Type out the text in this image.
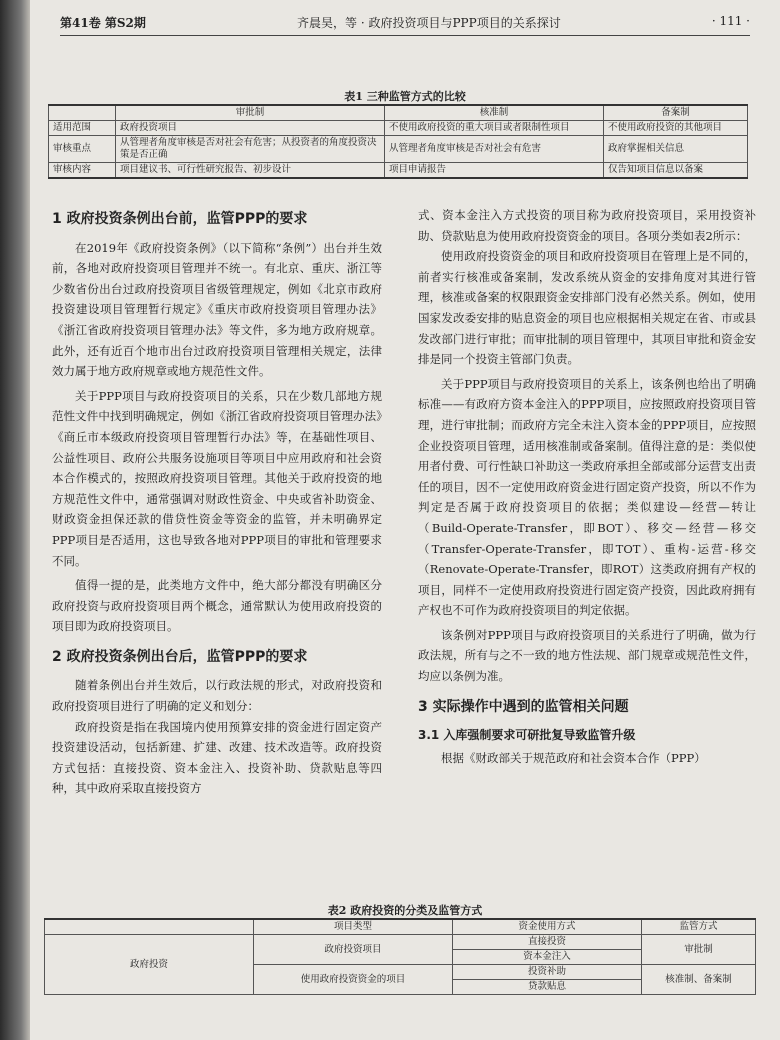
第41卷 第S2期	齐晨昊，等 · 政府投资项目与PPP项目的关系探讨	· 111 ·
表1 三种监管方式的比较
	审批制	核准制	备案制
适用范围	政府投资项目	不使用政府投资的重大项目或者限制性项目	不使用政府投资的其他项目
审核重点	从管理者角度审核是否对社会有危害；从投资者的角度投资决策是否正确	从管理者角度审核是否对社会有危害	政府掌握相关信息
审核内容	项目建议书、可行性研究报告、初步设计	项目申请报告	仅告知项目信息以备案
1 政府投资条例出台前，监管PPP的要求

在2019年《政府投资条例》（以下简称“条例”）出台并生效前，各地对政府投资项目管理并不统一。有北京、重庆、浙江等少数省份出台过政府投资项目省级管理规定，例如《北京市政府投资建设项目管理暂行规定》《重庆市政府投资项目管理办法》《浙江省政府投资项目管理办法》等文件，多为地方政府规章。此外，还有近百个地市出台过政府投资项目管理相关规定，法律效力属于地方政府规章或地方规范性文件。

关于PPP项目与政府投资项目的关系，只在少数几部地方规范性文件中找到明确规定，例如《浙江省政府投资项目管理办法》《商丘市本级政府投资项目管理暂行办法》等，在基础性项目、公益性项目、政府公共服务设施项目等项目中应用政府和社会资本合作模式的，按照政府投资项目管理。其他关于政府投资的地方规范性文件中，通常强调对财政性资金、中央或省补助资金、财政资金担保还款的借贷性资金等资金的监管，并未明确界定PPP项目是否适用，这也导致各地对PPP项目的审批和管理要求不同。

值得一提的是，此类地方文件中，绝大部分都没有明确区分政府投资与政府投资项目两个概念，通常默认为使用政府投资的项目即为政府投资项目。

2 政府投资条例出台后，监管PPP的要求

随着条例出台并生效后，以行政法规的形式，对政府投资和政府投资项目进行了明确的定义和划分：

政府投资是指在我国境内使用预算安排的资金进行固定资产投资建设活动，包括新建、扩建、改建、技术改造等。政府投资方式包括：直接投资、资本金注入、投资补助、贷款贴息等四种，其中政府采取直接投资方

式、资本金注入方式投资的项目称为政府投资项目，采用投资补助、贷款贴息为使用政府投资资金的项目。各项分类如表2所示：

使用政府投资资金的项目和政府投资项目在管理上是不同的，前者实行核准或备案制，发改系统从资金的安排角度对其进行管理，核准或备案的权限跟资金安排部门没有必然关系。例如，使用国家发改委安排的贴息资金的项目也应根据相关规定在省、市或县发改部门进行审批；而审批制的项目管理中，其项目审批和资金安排是同一个投资主管部门负责。

关于PPP项目与政府投资项目的关系上，该条例也给出了明确标准——有政府方资本金注入的PPP项目，应按照政府投资项目管理，进行审批制；而政府方完全未注入资本金的PPP项目，应按照企业投资项目管理，适用核准制或备案制。值得注意的是：类似使用者付费、可行性缺口补助这一类政府承担全部或部分运营支出责任的项目，因不一定使用政府资金进行固定资产投资，所以不作为判定是否属于政府投资项目的依据；类似建设—经营—转让（Build-Operate-Transfer，即BOT）、移交—经营—移交（Transfer-Operate-Transfer，即TOT）、重构-运营-移交（Renovate-Operate-Transfer，即ROT）这类政府拥有产权的项目，同样不一定使用政府投资进行固定资产投资，因此政府拥有产权也不可作为政府投资项目的判定依据。

该条例对PPP项目与政府投资项目的关系进行了明确，做为行政法规，所有与之不一致的地方性法规、部门规章或规范性文件，均应以条例为准。

3 实际操作中遇到的监管相关问题
3.1 入库强制要求可研批复导致监管升级

根据《财政部关于规范政府和社会资本合作（PPP）

表2 政府投资的分类及监管方式
	项目类型	资金使用方式	监管方式
政府投资	政府投资项目	直接投资	审批制
		资本金注入	
	使用政府投资资金的项目	投资补助	核准制、备案制
		贷款贴息	
